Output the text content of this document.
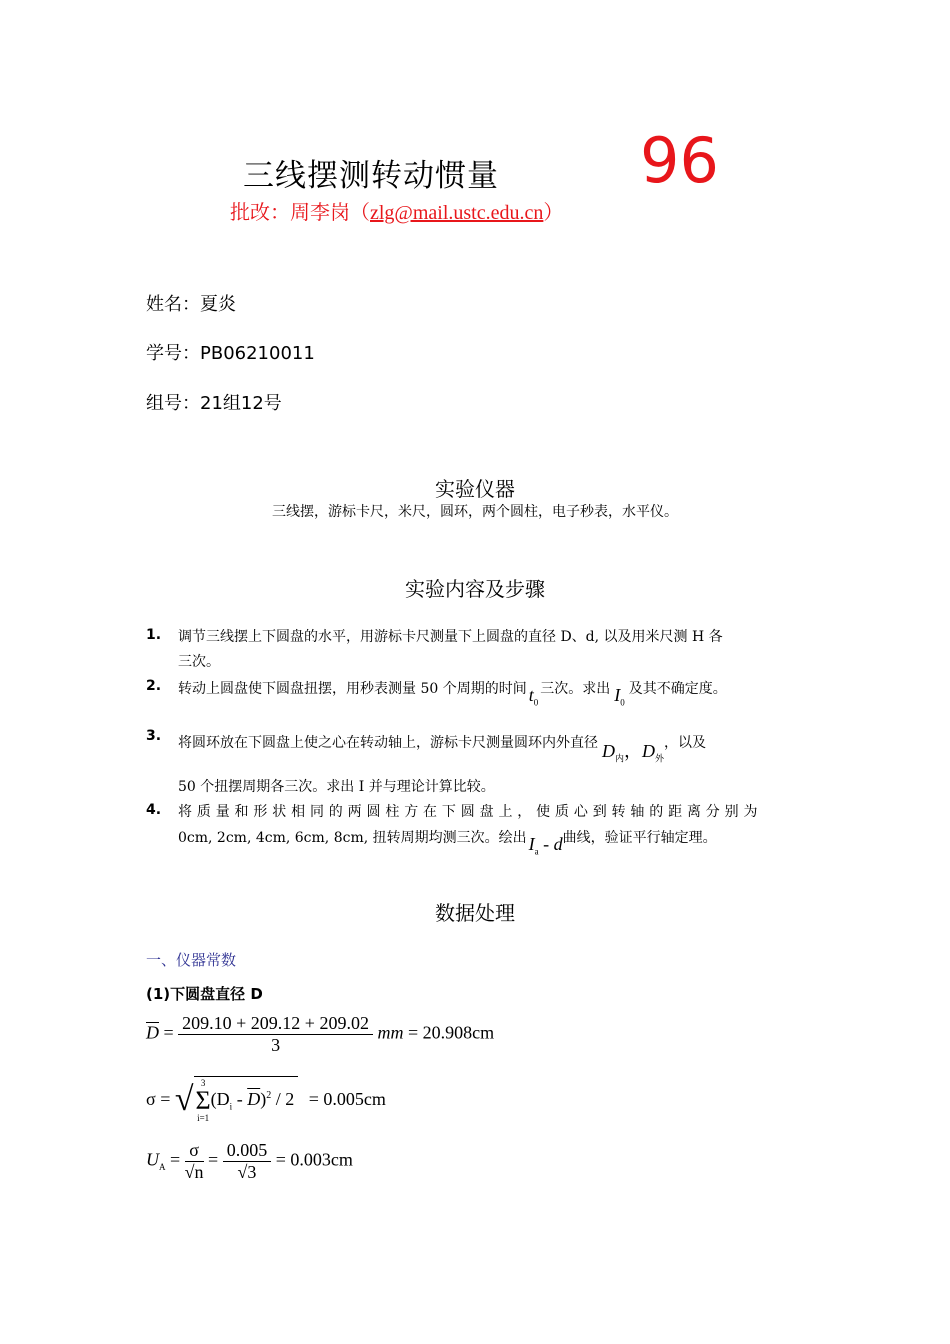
三线摆测转动惯量 96
批改：周李岗（zlg@mail.ustc.edu.cn）
姓名：夏炎
学号：PB06210011
组号：21组12号
实验仪器
三线摆，游标卡尺，米尺，圆环，两个圆柱，电子秒表，水平仪。
实验内容及步骤
1. 调节三线摆上下圆盘的水平，用游标卡尺测量下上圆盘的直径 D、d, 以及用米尺测 H 各
三次。
2. 转动上圆盘使下圆盘扭摆，用秒表测量 50 个周期的时间 $t_0$三次。求出 $I_0$及其不确定度。
3. 将圆环放在下圆盘上使之心在转动轴上，游标卡尺测量圆环内外直径 $D_内$，$D_外$，以及
50 个扭摆周期各三次。求出 I 并与理论计算比较。
4. 将 质 量 和 形 状 相 同 的 两 圆 柱 方 在 下 圆 盘 上 ， 使 质 心 到 转 轴 的 距 离 分 别 为
0cm, 2cm, 4cm, 6cm, 8cm, 扭转周期均测三次。绘出 $I_a$ - d曲线，验证平行轴定理。
数据处理
一、仪器常数
(1)下圆盘直径 D
$\overline{D} = \frac{209.10 + 209.12 + 209.02}{3}$ mm = 20.908cm
σ = √ 3
Σ
i=1
$(D_i - \overline{D})^2 / 2 = 0.005cm$
$U_A = \frac{\sigma}{√n} = \frac{0.005}{√3} = 0.003cm$
